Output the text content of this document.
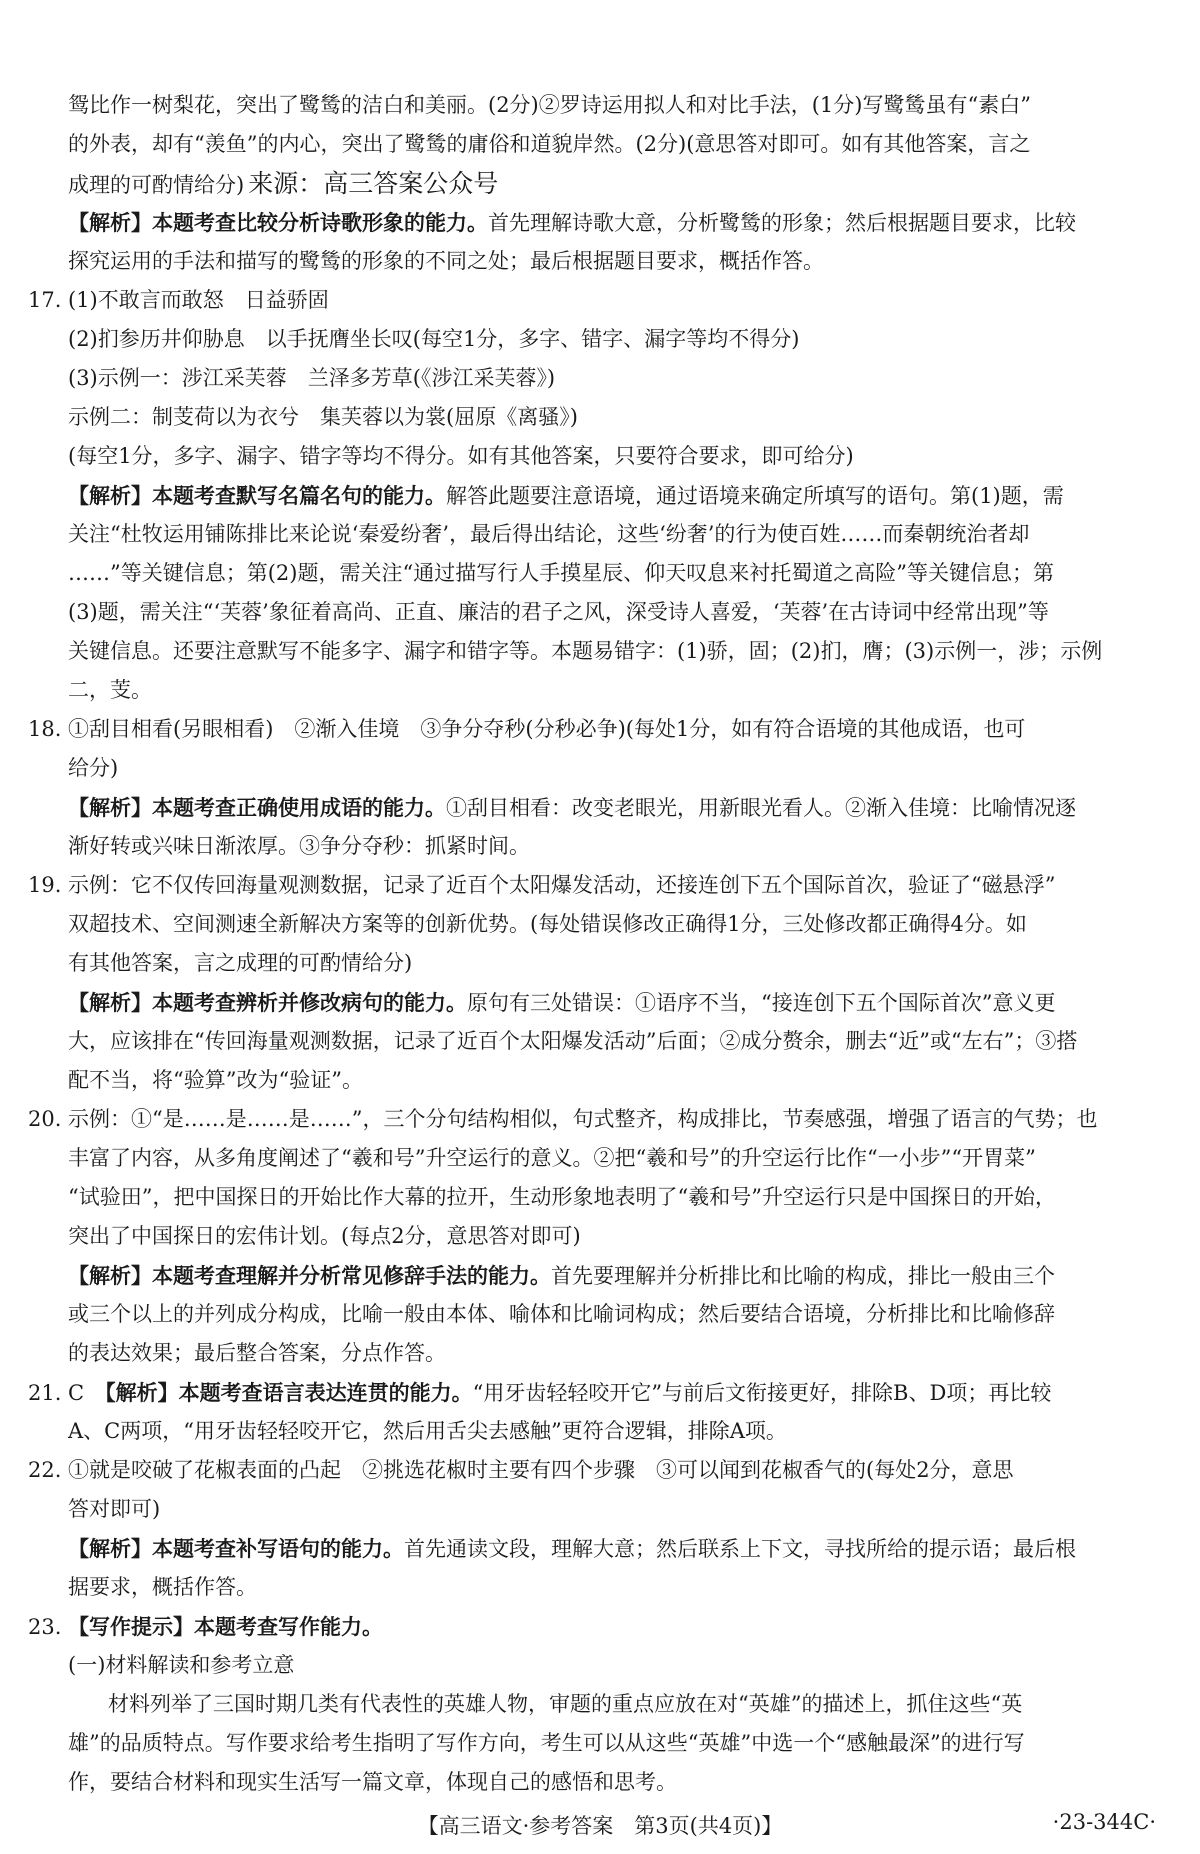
鸳比作一树梨花，突出了鹭鸶的洁白和美丽。(2分)②罗诗运用拟人和对比手法，(1分)写鹭鸶虽有“素白”
的外表，却有“羡鱼”的内心，突出了鹭鸶的庸俗和道貌岸然。(2分)(意思答对即可。如有其他答案，言之
成理的可酌情给分) 来源：高三答案公众号
【解析】本题考查比较分析诗歌形象的能力。首先理解诗歌大意，分析鹭鸶的形象；然后根据题目要求，比较
探究运用的手法和描写的鹭鸶的形象的不同之处；最后根据题目要求，概括作答。
17. (1)不敢言而敢怒　日益骄固
(2)扪参历井仰胁息　以手抚膺坐长叹(每空1分，多字、错字、漏字等均不得分)
(3)示例一：涉江采芙蓉　兰泽多芳草(《涉江采芙蓉》)
示例二：制芰荷以为衣兮　集芙蓉以为裳(屈原《离骚》)
(每空1分，多字、漏字、错字等均不得分。如有其他答案，只要符合要求，即可给分)
【解析】本题考查默写名篇名句的能力。解答此题要注意语境，通过语境来确定所填写的语句。第(1)题，需
关注“杜牧运用铺陈排比来论说‘秦爱纷奢’，最后得出结论，这些‘纷奢’的行为使百姓……而秦朝统治者却
……”等关键信息；第(2)题，需关注“通过描写行人手摸星辰、仰天叹息来衬托蜀道之高险”等关键信息；第
(3)题，需关注“‘芙蓉’象征着高尚、正直、廉洁的君子之风，深受诗人喜爱，‘芙蓉’在古诗词中经常出现”等
关键信息。还要注意默写不能多字、漏字和错字等。本题易错字：(1)骄，固；(2)扪，膺；(3)示例一，涉；示例
二，芰。
18. ①刮目相看(另眼相看)　②渐入佳境　③争分夺秒(分秒必争)(每处1分，如有符合语境的其他成语，也可
给分)
【解析】本题考查正确使用成语的能力。①刮目相看：改变老眼光，用新眼光看人。②渐入佳境：比喻情况逐
渐好转或兴味日渐浓厚。③争分夺秒：抓紧时间。
19. 示例：它不仅传回海量观测数据，记录了近百个太阳爆发活动，还接连创下五个国际首次，验证了“磁悬浮”
双超技术、空间测速全新解决方案等的创新优势。(每处错误修改正确得1分，三处修改都正确得4分。如
有其他答案，言之成理的可酌情给分)
【解析】本题考查辨析并修改病句的能力。原句有三处错误：①语序不当，“接连创下五个国际首次”意义更
大，应该排在“传回海量观测数据，记录了近百个太阳爆发活动”后面；②成分赘余，删去“近”或“左右”；③搭
配不当，将“验算”改为“验证”。
20. 示例：①“是……是……是……”，三个分句结构相似，句式整齐，构成排比，节奏感强，增强了语言的气势；也
丰富了内容，从多角度阐述了“羲和号”升空运行的意义。②把“羲和号”的升空运行比作“一小步”“开胃菜”
“试验田”，把中国探日的开始比作大幕的拉开，生动形象地表明了“羲和号”升空运行只是中国探日的开始，
突出了中国探日的宏伟计划。(每点2分，意思答对即可)
【解析】本题考查理解并分析常见修辞手法的能力。首先要理解并分析排比和比喻的构成，排比一般由三个
或三个以上的并列成分构成，比喻一般由本体、喻体和比喻词构成；然后要结合语境，分析排比和比喻修辞
的表达效果；最后整合答案，分点作答。
21. C　【解析】本题考查语言表达连贯的能力。“用牙齿轻轻咬开它”与前后文衔接更好，排除B、D项；再比较
A、C两项，“用牙齿轻轻咬开它，然后用舌尖去感触”更符合逻辑，排除A项。
22. ①就是咬破了花椒表面的凸起　②挑选花椒时主要有四个步骤　③可以闻到花椒香气的(每处2分，意思
答对即可)
【解析】本题考查补写语句的能力。首先通读文段，理解大意；然后联系上下文，寻找所给的提示语；最后根
据要求，概括作答。
23. 【写作提示】本题考查写作能力。
(一)材料解读和参考立意
材料列举了三国时期几类有代表性的英雄人物，审题的重点应放在对“英雄”的描述上，抓住这些“英
雄”的品质特点。写作要求给考生指明了写作方向，考生可以从这些“英雄”中选一个“感触最深”的进行写
作，要结合材料和现实生活写一篇文章，体现自己的感悟和思考。
【高三语文·参考答案　第3页(共4页)】	·23-344C·
